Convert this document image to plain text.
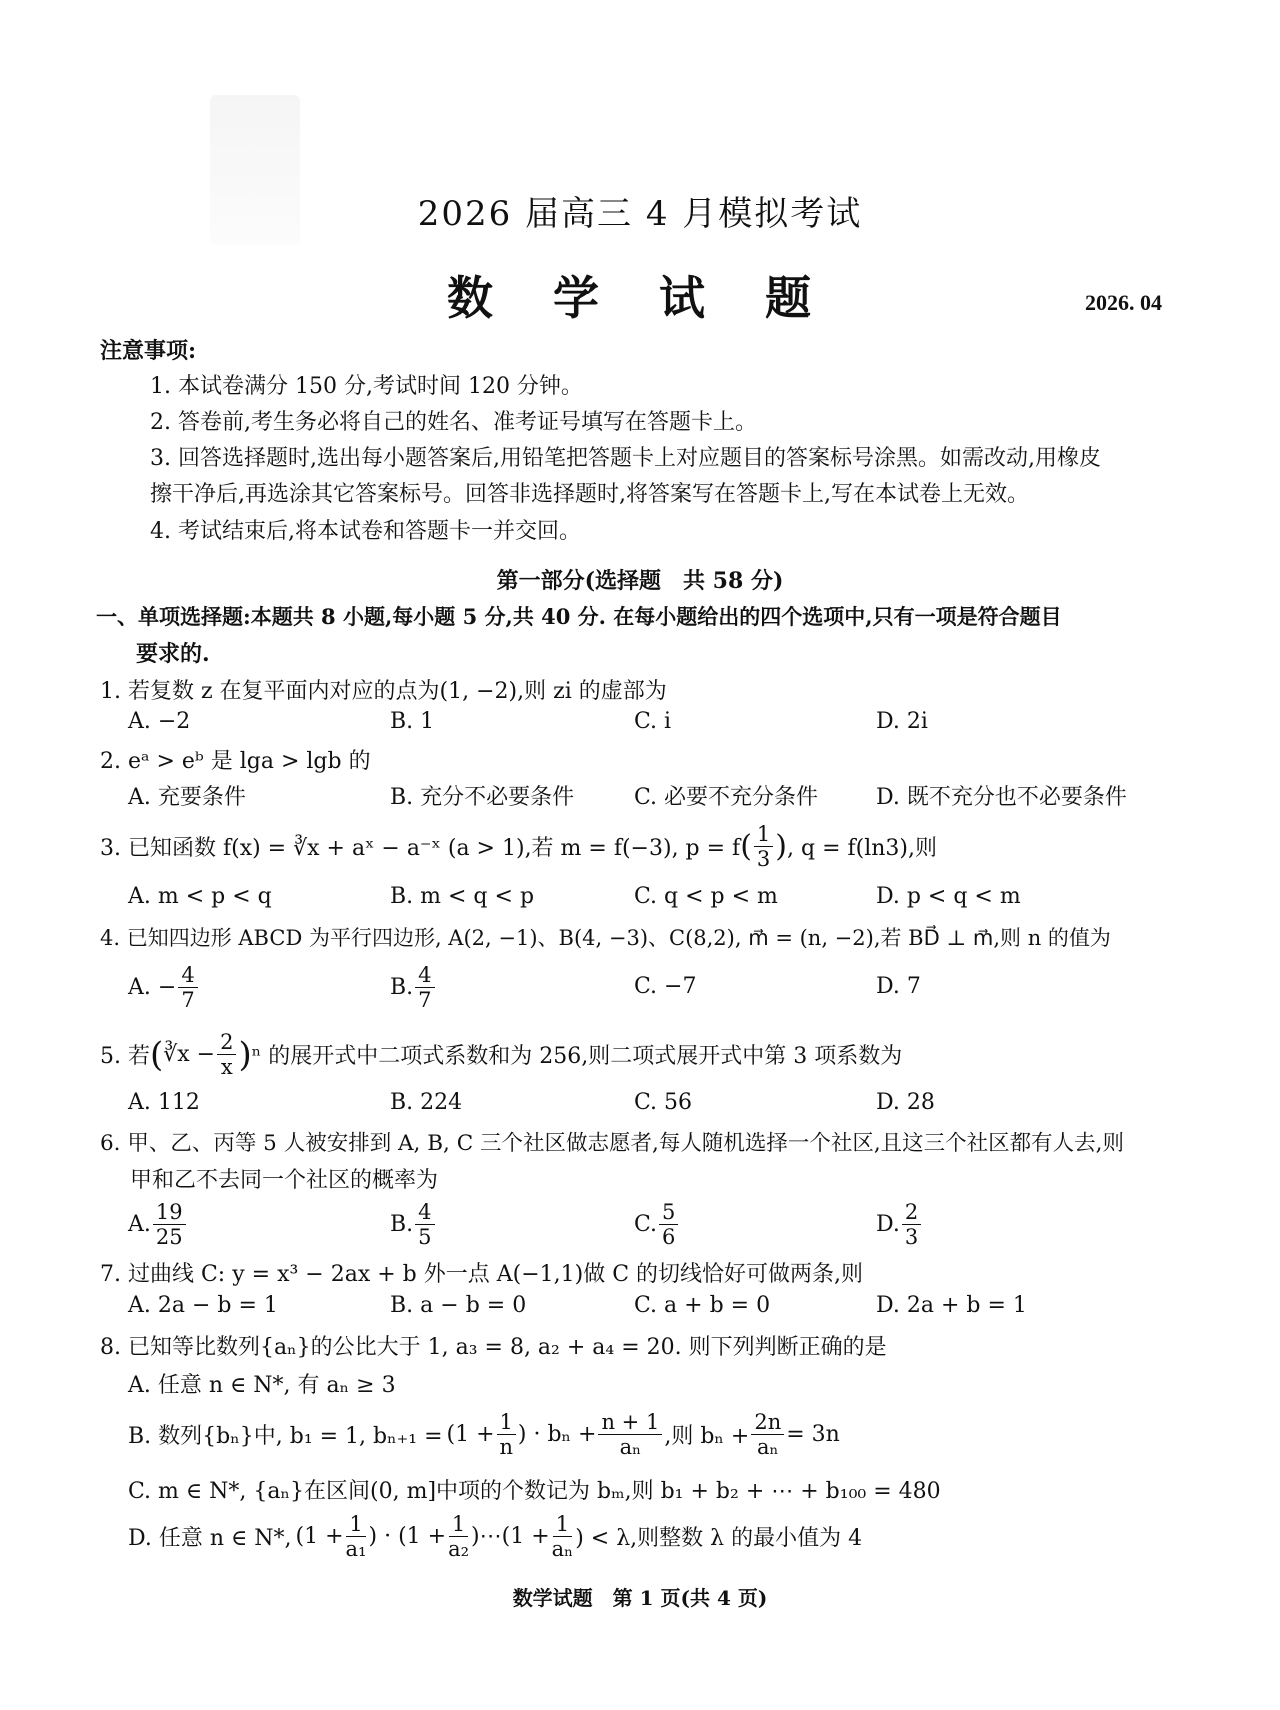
2026 届高三 4 月模拟考试
数 学 试 题	2026. 04
注意事项:
1. 本试卷满分 150 分,考试时间 120 分钟。
2. 答卷前,考生务必将自己的姓名、准考证号填写在答题卡上。
3. 回答选择题时,选出每小题答案后,用铅笔把答题卡上对应题目的答案标号涂黑。如需改动,用橡皮
擦干净后,再选涂其它答案标号。回答非选择题时,将答案写在答题卡上,写在本试卷上无效。
4. 考试结束后,将本试卷和答题卡一并交回。
第一部分(选择题　共 58 分)
一、单项选择题:本题共 8 小题,每小题 5 分,共 40 分. 在每小题给出的四个选项中,只有一项是符合题目
要求的.
1. 若复数 z 在复平面内对应的点为(1, −2),则 zi 的虚部为
A. −2	B. 1	C. i	D. 2i
2. eᵃ > eᵇ 是 lga > lgb 的
A. 充要条件	B. 充分不必要条件	C. 必要不充分条件	D. 既不充分也不必要条件
3. 已知函数 f(x) = ∛x + aˣ − a⁻ˣ (a > 1),若 m = f(−3), p = f ( $\frac{1}{3}$ ) , q = f(ln3),则
A. m < p < q	B. m < q < p	C. q < p < m	D. p < q < m
4. 已知四边形 ABCD 为平行四边形, A(2, −1)、B(4, −3)、C(8,2), m⃗ = (n, −2),若 BD⃗ ⊥ m⃗,则 n 的值为
A. − $\frac{4}{7}$	B. $\frac{4}{7}$	C. −7	D. 7
5. 若 ( ∛x − $\frac{2}{x}$ ) ⁿ 的展开式中二项式系数和为 256,则二项式展开式中第 3 项系数为
A. 112	B. 224	C. 56	D. 28
6. 甲、乙、丙等 5 人被安排到 A, B, C 三个社区做志愿者,每人随机选择一个社区,且这三个社区都有人去,则
甲和乙不去同一个社区的概率为
A. $\frac{19}{25}$	B. $\frac{4}{5}$	C. $\frac{5}{6}$	D. $\frac{2}{3}$
7. 过曲线 C: y = x³ − 2ax + b 外一点 A(−1,1)做 C 的切线恰好可做两条,则
A. 2a − b = 1	B. a − b = 0	C. a + b = 0	D. 2a + b = 1
8. 已知等比数列{aₙ}的公比大于 1, a₃ = 8, a₂ + a₄ = 20. 则下列判断正确的是
A. 任意 n ∈ N*, 有 aₙ ≥ 3
B. 数列{bₙ}中, b₁ = 1, $b_{n+1} = (1 + \frac{1}{n}$ ) · $b_n + \frac{n + 1}{\text{aₙ}}$ ,则 $b_n + \frac{2n}{\text{aₙ}} = 3n$
C. m ∈ N*, {aₙ}在区间(0, m]中项的个数记为 bₘ,则 b₁ + b₂ + ⋯ + b₁₀₀ = 480
D. 任意 n ∈ N*, ($1 + \frac{1}{\text{a₁}}$ ) · ($1 + \frac{1}{\text{a₂}}$ )⋯(1 + $\frac{1}{\text{aₙ}}$ ) < λ,则整数 λ 的最小值为 4
数学试题　第 1 页(共 4 页)
